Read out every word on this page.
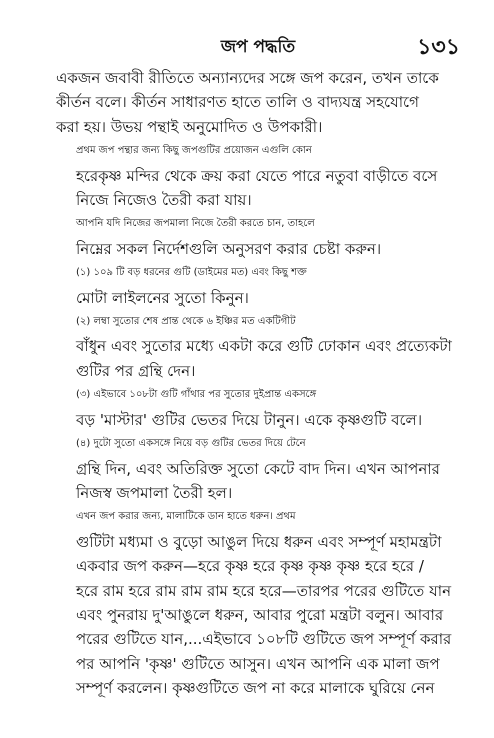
জপ পদ্ধতি	১৩১

একজন জবাবী রীতিতে অন্যান্যদের সঙ্গে জপ করেন, তখন তাকে
কীর্তন বলে। কীর্তন সাধারণত হাতে তালি ও বাদ্যযন্ত্র সহযোগে
করা হয়। উভয় পন্থাই অনুমোদিত ও উপকারী।

প্রথম জপ পন্থার জন্য কিছু জপগুটির প্রয়োজন এগুলি কোন
হরেকৃষ্ণ মন্দির থেকে ক্রয় করা যেতে পারে নতুবা বাড়ীতে বসে
নিজে নিজেও তৈরী করা যায়।

আপনি যদি নিজের জপমালা নিজে তৈরী করতে চান, তাহলে
নিম্নের সকল নির্দেশগুলি অনুসরণ করার চেষ্টা করুন।

(১) ১০৯ টি বড় ধরনের গুটি (ডাইমের মত) এবং কিছু শক্ত
মোটা লাইলনের সুতো কিনুন।

(২) লম্বা সুতোর শেষ প্রান্ত থেকে ৬ ইঞ্চির মত একটিগীট
বাঁধুন এবং সুতোর মধ্যে একটা করে গুটি ঢোকান এবং প্রত্যেকটা
গুটির পর গ্রন্থি দেন।

(৩) এইভাবে ১০৮টা গুটি গাঁথার পর সুতোর দুইপ্রান্ত একসঙ্গে
বড় 'মাস্টার' গুটির ভেতর দিয়ে টানুন। একে কৃষ্ণগুটি বলে।

(৪) দুটো সুতো একসঙ্গে নিয়ে বড় গুটির ভেতর দিয়ে টেনে
গ্রন্থি দিন, এবং অতিরিক্ত সুতো কেটে বাদ দিন। এখন আপনার
নিজস্ব জপমালা তৈরী হল।

এখন জপ করার জন্য, মালাটিকে ডান হাতে ধরুন। প্রথম
গুটিটা মধ্যমা ও বুড়ো আঙুল দিয়ে ধরুন এবং সম্পূর্ণ মহামন্ত্রটা
একবার জপ করুন—হরে কৃষ্ণ হরে কৃষ্ণ কৃষ্ণ কৃষ্ণ হরে হরে /
হরে রাম হরে রাম রাম রাম হরে হরে—তারপর পরের গুটিতে যান
এবং পুনরায় দু'আঙুলে ধরুন, আবার পুরো মন্ত্রটা বলুন। আবার
পরের গুটিতে যান,...এইভাবে ১০৮টি গুটিতে জপ সম্পূর্ণ করার
পর আপনি 'কৃষ্ণ' গুটিতে আসুন। এখন আপনি এক মালা জপ
সম্পূর্ণ করলেন। কৃষ্ণগুটিতে জপ না করে মালাকে ঘুরিয়ে নেন
